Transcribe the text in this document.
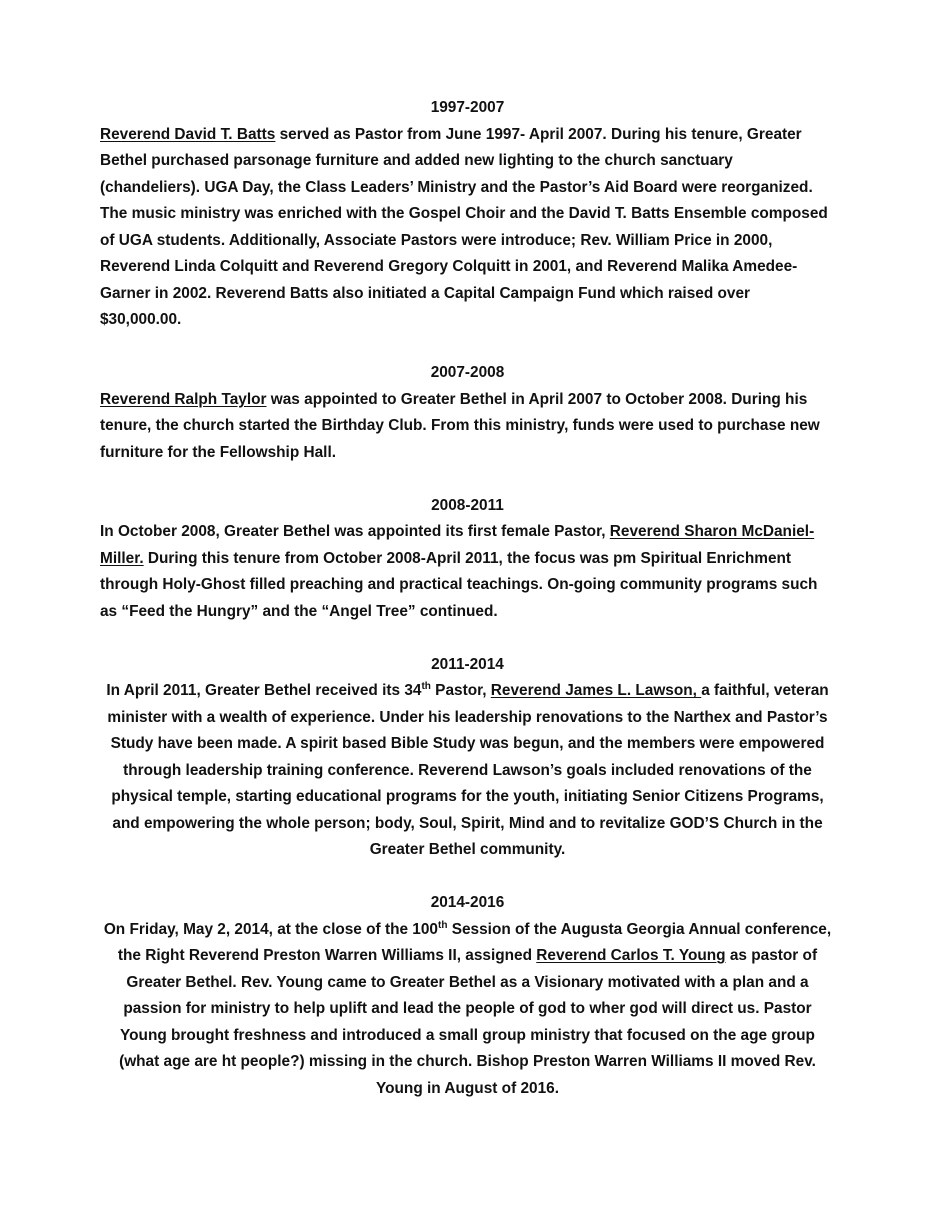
1997-2007

Reverend David T. Batts served as Pastor from June 1997- April 2007. During his tenure, Greater Bethel purchased parsonage furniture and added new lighting to the church sanctuary (chandeliers). UGA Day, the Class Leaders’ Ministry and the Pastor’s Aid Board were reorganized. The music ministry was enriched with the Gospel Choir and the David T. Batts Ensemble composed of UGA students. Additionally, Associate Pastors were introduce; Rev. William Price in 2000, Reverend Linda Colquitt and Reverend Gregory Colquitt in 2001, and Reverend Malika Amedee-Garner in 2002. Reverend Batts also initiated a Capital Campaign Fund which raised over $30,000.00.

2007-2008

Reverend Ralph Taylor was appointed to Greater Bethel in April 2007 to October 2008. During his tenure, the church started the Birthday Club. From this ministry, funds were used to purchase new furniture for the Fellowship Hall.

2008-2011

In October 2008, Greater Bethel was appointed its first female Pastor, Reverend Sharon McDaniel-Miller. During this tenure from October 2008-April 2011, the focus was pm Spiritual Enrichment through Holy-Ghost filled preaching and practical teachings. On-going community programs such as “Feed the Hungry” and the “Angel Tree” continued.

2011-2014

In April 2011, Greater Bethel received its 34th Pastor, Reverend James L. Lawson, a faithful, veteran minister with a wealth of experience. Under his leadership renovations to the Narthex and Pastor’s Study have been made. A spirit based Bible Study was begun, and the members were empowered through leadership training conference. Reverend Lawson’s goals included renovations of the physical temple, starting educational programs for the youth, initiating Senior Citizens Programs, and empowering the whole person; body, Soul, Spirit, Mind and to revitalize GOD’S Church in the Greater Bethel community.

2014-2016

On Friday, May 2, 2014, at the close of the 100th Session of the Augusta Georgia Annual conference, the Right Reverend Preston Warren Williams II, assigned Reverend Carlos T. Young as pastor of Greater Bethel. Rev. Young came to Greater Bethel as a Visionary motivated with a plan and a passion for ministry to help uplift and lead the people of god to wher god will direct us. Pastor Young brought freshness and introduced a small group ministry that focused on the age group (what age are ht people?) missing in the church. Bishop Preston Warren Williams II moved Rev. Young in August of 2016.
